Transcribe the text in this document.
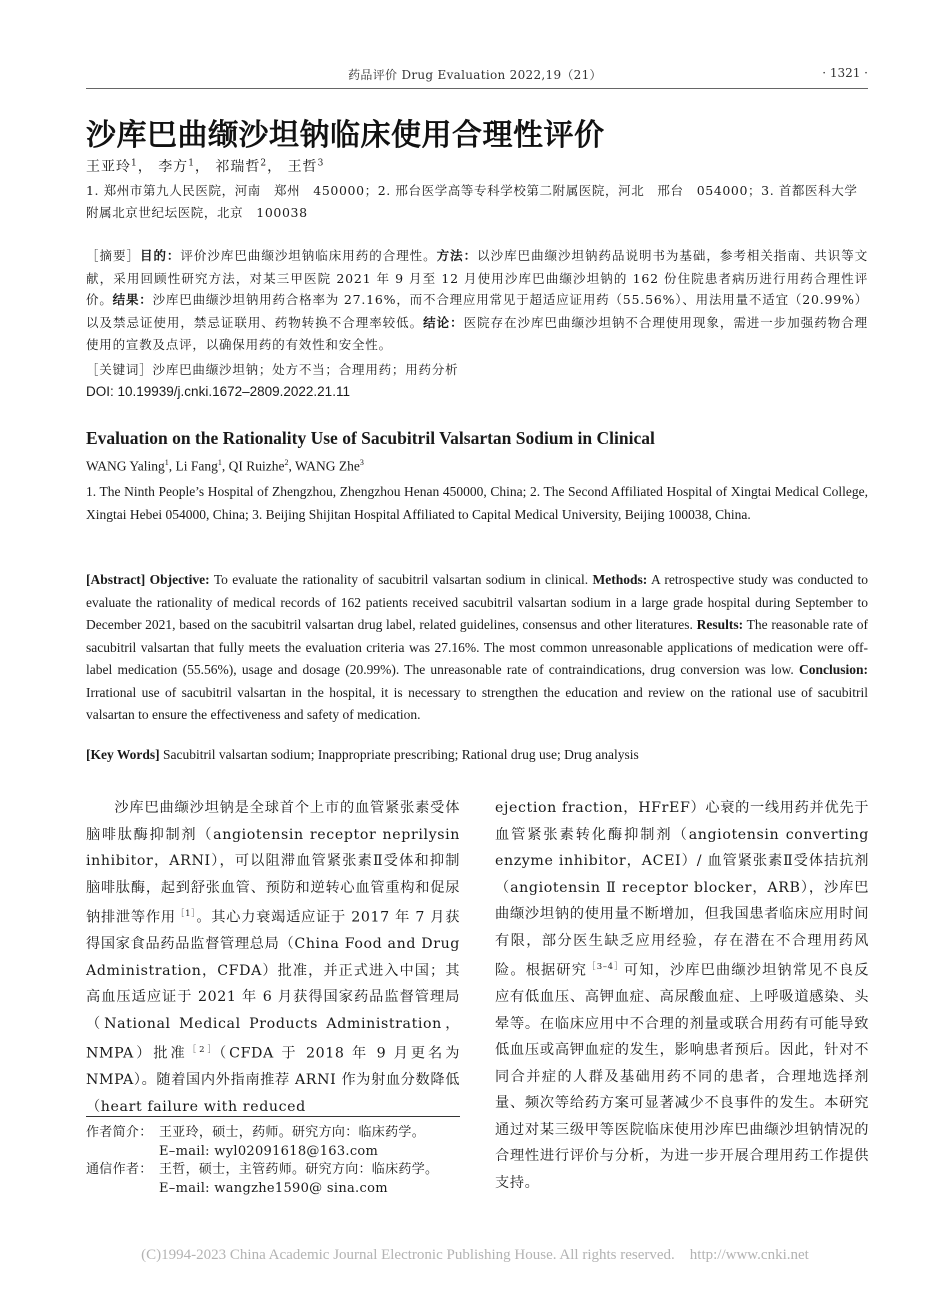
药品评价 Drug Evaluation 2022,19（21）	· 1321 ·
沙库巴曲缬沙坦钠临床使用合理性评价
王亚玲$^1$， 李方$^1$， 祁瑞哲$^2$， 王哲$^3$
1. 郑州市第九人民医院，河南　郑州　450000；2. 邢台医学高等专科学校第二附属医院，河北　邢台　054000；3. 首都医科大学附属北京世纪坛医院，北京　100038
［摘要］目的：评价沙库巴曲缬沙坦钠临床用药的合理性。方法：以沙库巴曲缬沙坦钠药品说明书为基础，参考相关指南、共识等文献，采用回顾性研究方法，对某三甲医院 2021 年 9 月至 12 月使用沙库巴曲缬沙坦钠的 162 份住院患者病历进行用药合理性评价。结果：沙库巴曲缬沙坦钠用药合格率为 27.16%，而不合理应用常见于超适应证用药（55.56%）、用法用量不适宜（20.99%）以及禁忌证使用，禁忌证联用、药物转换不合理率较低。结论：医院存在沙库巴曲缬沙坦钠不合理使用现象，需进一步加强药物合理使用的宣教及点评，以确保用药的有效性和安全性。
［关键词］沙库巴曲缬沙坦钠；处方不当；合理用药；用药分析
DOI: 10.19939/j.cnki.1672–2809.2022.21.11
Evaluation on the Rationality Use of Sacubitril Valsartan Sodium in Clinical
WANG Yaling$^1$, Li Fang$^1$, QI Ruizhe$^2$, WANG Zhe$^3$
1. The Ninth People’s Hospital of Zhengzhou, Zhengzhou Henan 450000, China; 2. The Second Affiliated Hospital of Xingtai Medical College, Xingtai Hebei 054000, China; 3. Beijing Shijitan Hospital Affiliated to Capital Medical University, Beijing 100038, China.
[Abstract] Objective: To evaluate the rationality of sacubitril valsartan sodium in clinical. Methods: A retrospective study was conducted to evaluate the rationality of medical records of 162 patients received sacubitril valsartan sodium in a large grade hospital during September to December 2021, based on the sacubitril valsartan drug label, related guidelines, consensus and other literatures. Results: The reasonable rate of sacubitril valsartan that fully meets the evaluation criteria was 27.16%. The most common unreasonable applications of medication were off-label medication (55.56%), usage and dosage (20.99%). The unreasonable rate of contraindications, drug conversion was low. Conclusion: Irrational use of sacubitril valsartan in the hospital, it is necessary to strengthen the education and review on the rational use of sacubitril valsartan to ensure the effectiveness and safety of medication.
[Key Words] Sacubitril valsartan sodium; Inappropriate prescribing; Rational drug use; Drug analysis
沙库巴曲缬沙坦钠是全球首个上市的血管紧张素受体脑啡肽酶抑制剂（angiotensin receptor neprilysin inhibitor，ARNI），可以阻滞血管紧张素Ⅱ受体和抑制脑啡肽酶，起到舒张血管、预防和逆转心血管重构和促尿钠排泄等作用$^{[1]}$。其心力衰竭适应证于 2017 年 7 月获得国家食品药品监督管理总局（China Food and Drug Administration，CFDA）批准，并正式进入中国；其高血压适应证于 2021 年 6 月获得国家药品监督管理局（National Medical Products Administration，NMPA）批准$^{[2]}$（CFDA 于 2018 年 9 月更名为 NMPA）。随着国内外指南推荐 ARNI 作为射血分数降低（heart failure with reduced
ejection fraction，HFrEF）心衰的一线用药并优先于血管紧张素转化酶抑制剂（angiotensin converting enzyme inhibitor，ACEI）/ 血管紧张素Ⅱ受体拮抗剂（angiotensin Ⅱ receptor blocker，ARB），沙库巴曲缬沙坦钠的使用量不断增加，但我国患者临床应用时间有限，部分医生缺乏应用经验，存在潜在不合理用药风险。根据研究$^{[3-4]}$可知，沙库巴曲缬沙坦钠常见不良反应有低血压、高钾血症、高尿酸血症、上呼吸道感染、头晕等。在临床应用中不合理的剂量或联合用药有可能导致低血压或高钾血症的发生，影响患者预后。因此，针对不同合并症的人群及基础用药不同的患者，合理地选择剂量、频次等给药方案可显著减少不良事件的发生。本研究通过对某三级甲等医院临床使用沙库巴曲缬沙坦钠情况的合理性进行评价与分析，为进一步开展合理用药工作提供支持。
作者简介： 王亚玲，硕士，药师。研究方向：临床药学。
E–mail: wyl02091618@163.com
通信作者： 王哲，硕士，主管药师。研究方向：临床药学。
E–mail: wangzhe1590@ sina.com
(C)1994-2023 China Academic Journal Electronic Publishing House. All rights reserved.　http://www.cnki.net
